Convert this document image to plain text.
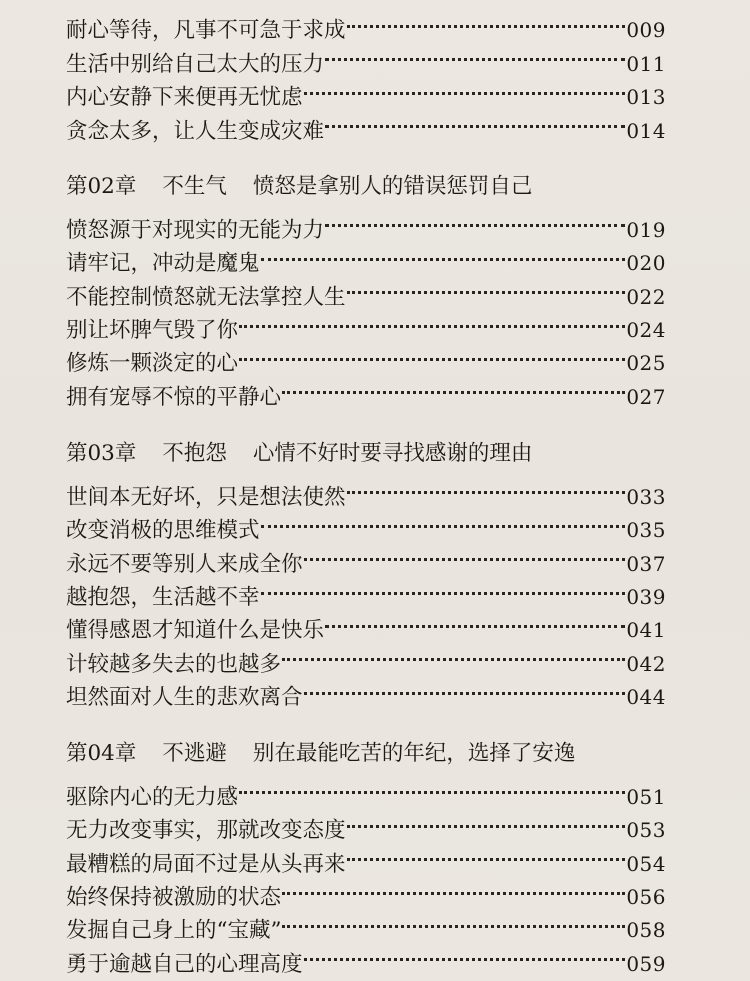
耐心等待，凡事不可急于求成	009
生活中别给自己太大的压力	011
内心安静下来便再无忧虑	013
贪念太多，让人生变成灾难	014
第02章 不生气 愤怒是拿别人的错误惩罚自己
愤怒源于对现实的无能为力	019
请牢记，冲动是魔鬼	020
不能控制愤怒就无法掌控人生	022
别让坏脾气毁了你	024
修炼一颗淡定的心	025
拥有宠辱不惊的平静心	027
第03章 不抱怨 心情不好时要寻找感谢的理由
世间本无好坏，只是想法使然	033
改变消极的思维模式	035
永远不要等别人来成全你	037
越抱怨，生活越不幸	039
懂得感恩才知道什么是快乐	041
计较越多失去的也越多	042
坦然面对人生的悲欢离合	044
第04章 不逃避 别在最能吃苦的年纪，选择了安逸
驱除内心的无力感	051
无力改变事实，那就改变态度	053
最糟糕的局面不过是从头再来	054
始终保持被激励的状态	056
发掘自己身上的“宝藏”	058
勇于逾越自己的心理高度	059
